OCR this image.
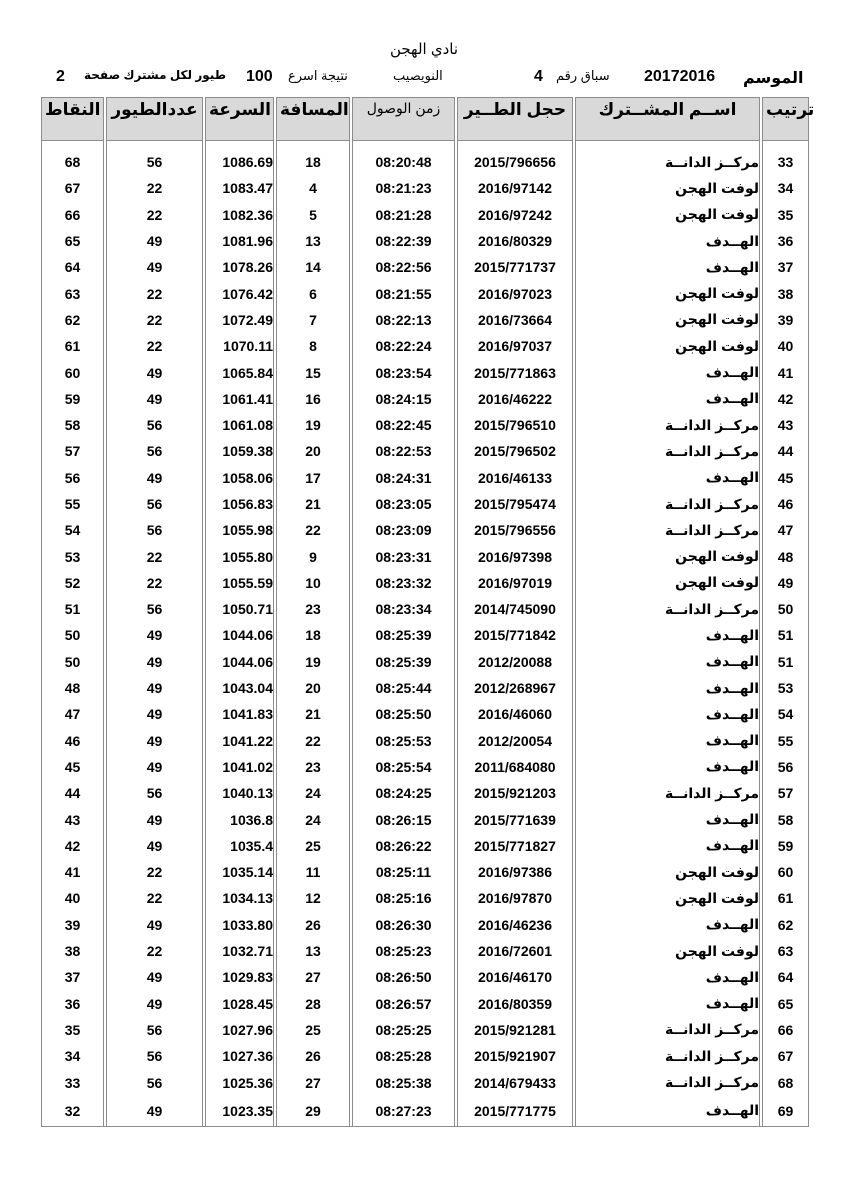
نادي الهجن
2 طيور لكل مشترك صفحة 100 نتيجة اسرع	النويصيب	4 سباق رقم 20172016 الموسم
النقاط		عددالطيور		السرعة		المسافة		زمن الوصول		حجل الطــير		اســم المشــترك		ترتيب

68		56		1086.69		18		08:20:48		2015/796656		مركــز الدانــة		33
67		22		1083.47		4		08:21:23		2016/97142		لوفت الهجن		34
66		22		1082.36		5		08:21:28		2016/97242		لوفت الهجن		35
65		49		1081.96		13		08:22:39		2016/80329		الهــدف		36
64		49		1078.26		14		08:22:56		2015/771737		الهــدف		37
63		22		1076.42		6		08:21:55		2016/97023		لوفت الهجن		38
62		22		1072.49		7		08:22:13		2016/73664		لوفت الهجن		39
61		22		1070.11		8		08:22:24		2016/97037		لوفت الهجن		40
60		49		1065.84		15		08:23:54		2015/771863		الهــدف		41
59		49		1061.41		16		08:24:15		2016/46222		الهــدف		42
58		56		1061.08		19		08:22:45		2015/796510		مركــز الدانــة		43
57		56		1059.38		20		08:22:53		2015/796502		مركــز الدانــة		44
56		49		1058.06		17		08:24:31		2016/46133		الهــدف		45
55		56		1056.83		21		08:23:05		2015/795474		مركــز الدانــة		46
54		56		1055.98		22		08:23:09		2015/796556		مركــز الدانــة		47
53		22		1055.80		9		08:23:31		2016/97398		لوفت الهجن		48
52		22		1055.59		10		08:23:32		2016/97019		لوفت الهجن		49
51		56		1050.71		23		08:23:34		2014/745090		مركــز الدانــة		50
50		49		1044.06		18		08:25:39		2015/771842		الهــدف		51
50		49		1044.06		19		08:25:39		2012/20088		الهــدف		51
48		49		1043.04		20		08:25:44		2012/268967		الهــدف		53
47		49		1041.83		21		08:25:50		2016/46060		الهــدف		54
46		49		1041.22		22		08:25:53		2012/20054		الهــدف		55
45		49		1041.02		23		08:25:54		2011/684080		الهــدف		56
44		56		1040.13		24		08:24:25		2015/921203		مركــز الدانــة		57
43		49		1036.8		24		08:26:15		2015/771639		الهــدف		58
42		49		1035.4		25		08:26:22		2015/771827		الهــدف		59
41		22		1035.14		11		08:25:11		2016/97386		لوفت الهجن		60
40		22		1034.13		12		08:25:16		2016/97870		لوفت الهجن		61
39		49		1033.80		26		08:26:30		2016/46236		الهــدف		62
38		22		1032.71		13		08:25:23		2016/72601		لوفت الهجن		63
37		49		1029.83		27		08:26:50		2016/46170		الهــدف		64
36		49		1028.45		28		08:26:57		2016/80359		الهــدف		65
35		56		1027.96		25		08:25:25		2015/921281		مركــز الدانــة		66
34		56		1027.36		26		08:25:28		2015/921907		مركــز الدانــة		67
33		56		1025.36		27		08:25:38		2014/679433		مركــز الدانــة		68
32		49		1023.35		29		08:27:23		2015/771775		الهــدف		69
